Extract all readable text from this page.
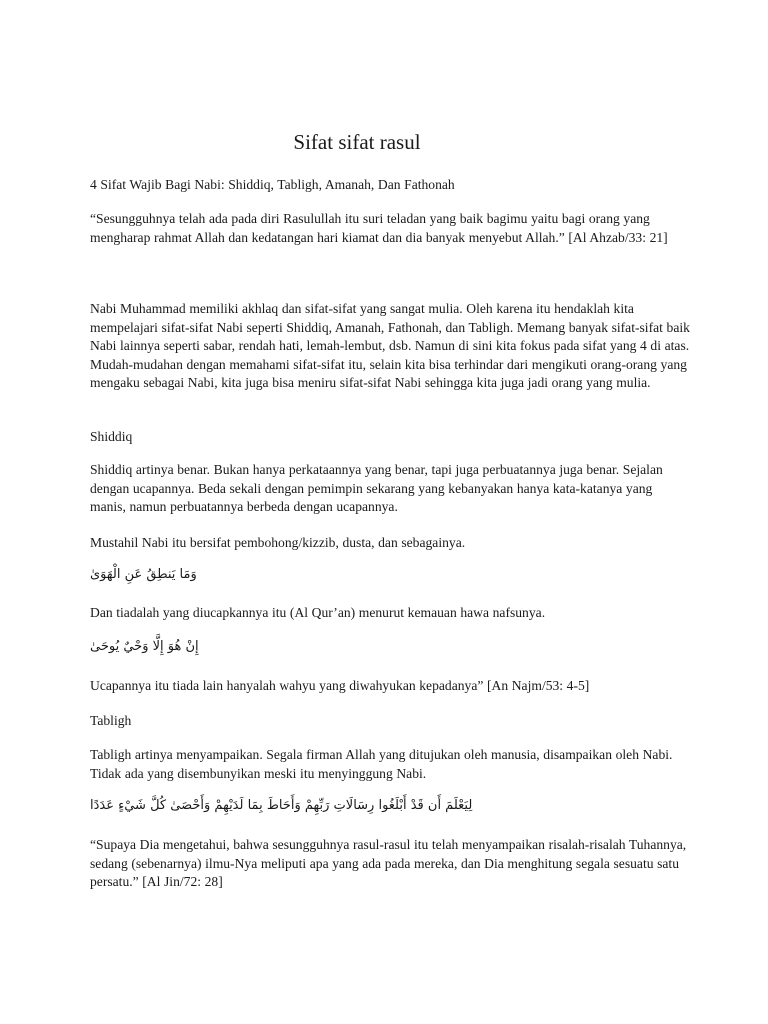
Sifat sifat rasul

4 Sifat Wajib Bagi Nabi: Shiddiq, Tabligh, Amanah, Dan Fathonah

“Sesungguhnya telah ada pada diri Rasulullah itu suri teladan yang baik bagimu yaitu bagi orang yang mengharap rahmat Allah dan kedatangan hari kiamat dan dia banyak menyebut Allah.” [Al Ahzab/33: 21]

Nabi Muhammad memiliki akhlaq dan sifat-sifat yang sangat mulia. Oleh karena itu hendaklah kita mempelajari sifat-sifat Nabi seperti Shiddiq, Amanah, Fathonah, dan Tabligh. Memang banyak sifat-sifat baik Nabi lainnya seperti sabar, rendah hati, lemah-lembut, dsb. Namun di sini kita fokus pada sifat yang 4 di atas. Mudah-mudahan dengan memahami sifat-sifat itu, selain kita bisa terhindar dari mengikuti orang-orang yang mengaku sebagai Nabi, kita juga bisa meniru sifat-sifat Nabi sehingga kita juga jadi orang yang mulia.

Shiddiq

Shiddiq artinya benar. Bukan hanya perkataannya yang benar, tapi juga perbuatannya juga benar. Sejalan dengan ucapannya. Beda sekali dengan pemimpin sekarang yang kebanyakan hanya kata-katanya yang manis, namun perbuatannya berbeda dengan ucapannya.

Mustahil Nabi itu bersifat pembohong/kizzib, dusta, dan sebagainya.

وَمَا يَنطِقُ عَنِ الْهَوَىٰ

Dan tiadalah yang diucapkannya itu (Al Qur’an) menurut kemauan hawa nafsunya.

إِنْ هُوَ إِلَّا وَحْيٌ يُوحَىٰ

Ucapannya itu tiada lain hanyalah wahyu yang diwahyukan kepadanya” [An Najm/53: 4-5]

Tabligh

Tabligh artinya menyampaikan. Segala firman Allah yang ditujukan oleh manusia, disampaikan oleh Nabi. Tidak ada yang disembunyikan meski itu menyinggung Nabi.

لِيَعْلَمَ أَن قَدْ أَبْلَغُوا رِسَالَاتِ رَبِّهِمْ وَأَحَاطَ بِمَا لَدَيْهِمْ وَأَحْصَىٰ كُلَّ شَيْءٍ عَدَدًا

“Supaya Dia mengetahui, bahwa sesungguhnya rasul-rasul itu telah menyampaikan risalah-risalah Tuhannya, sedang (sebenarnya) ilmu-Nya meliputi apa yang ada pada mereka, dan Dia menghitung segala sesuatu satu persatu.” [Al Jin/72: 28]
